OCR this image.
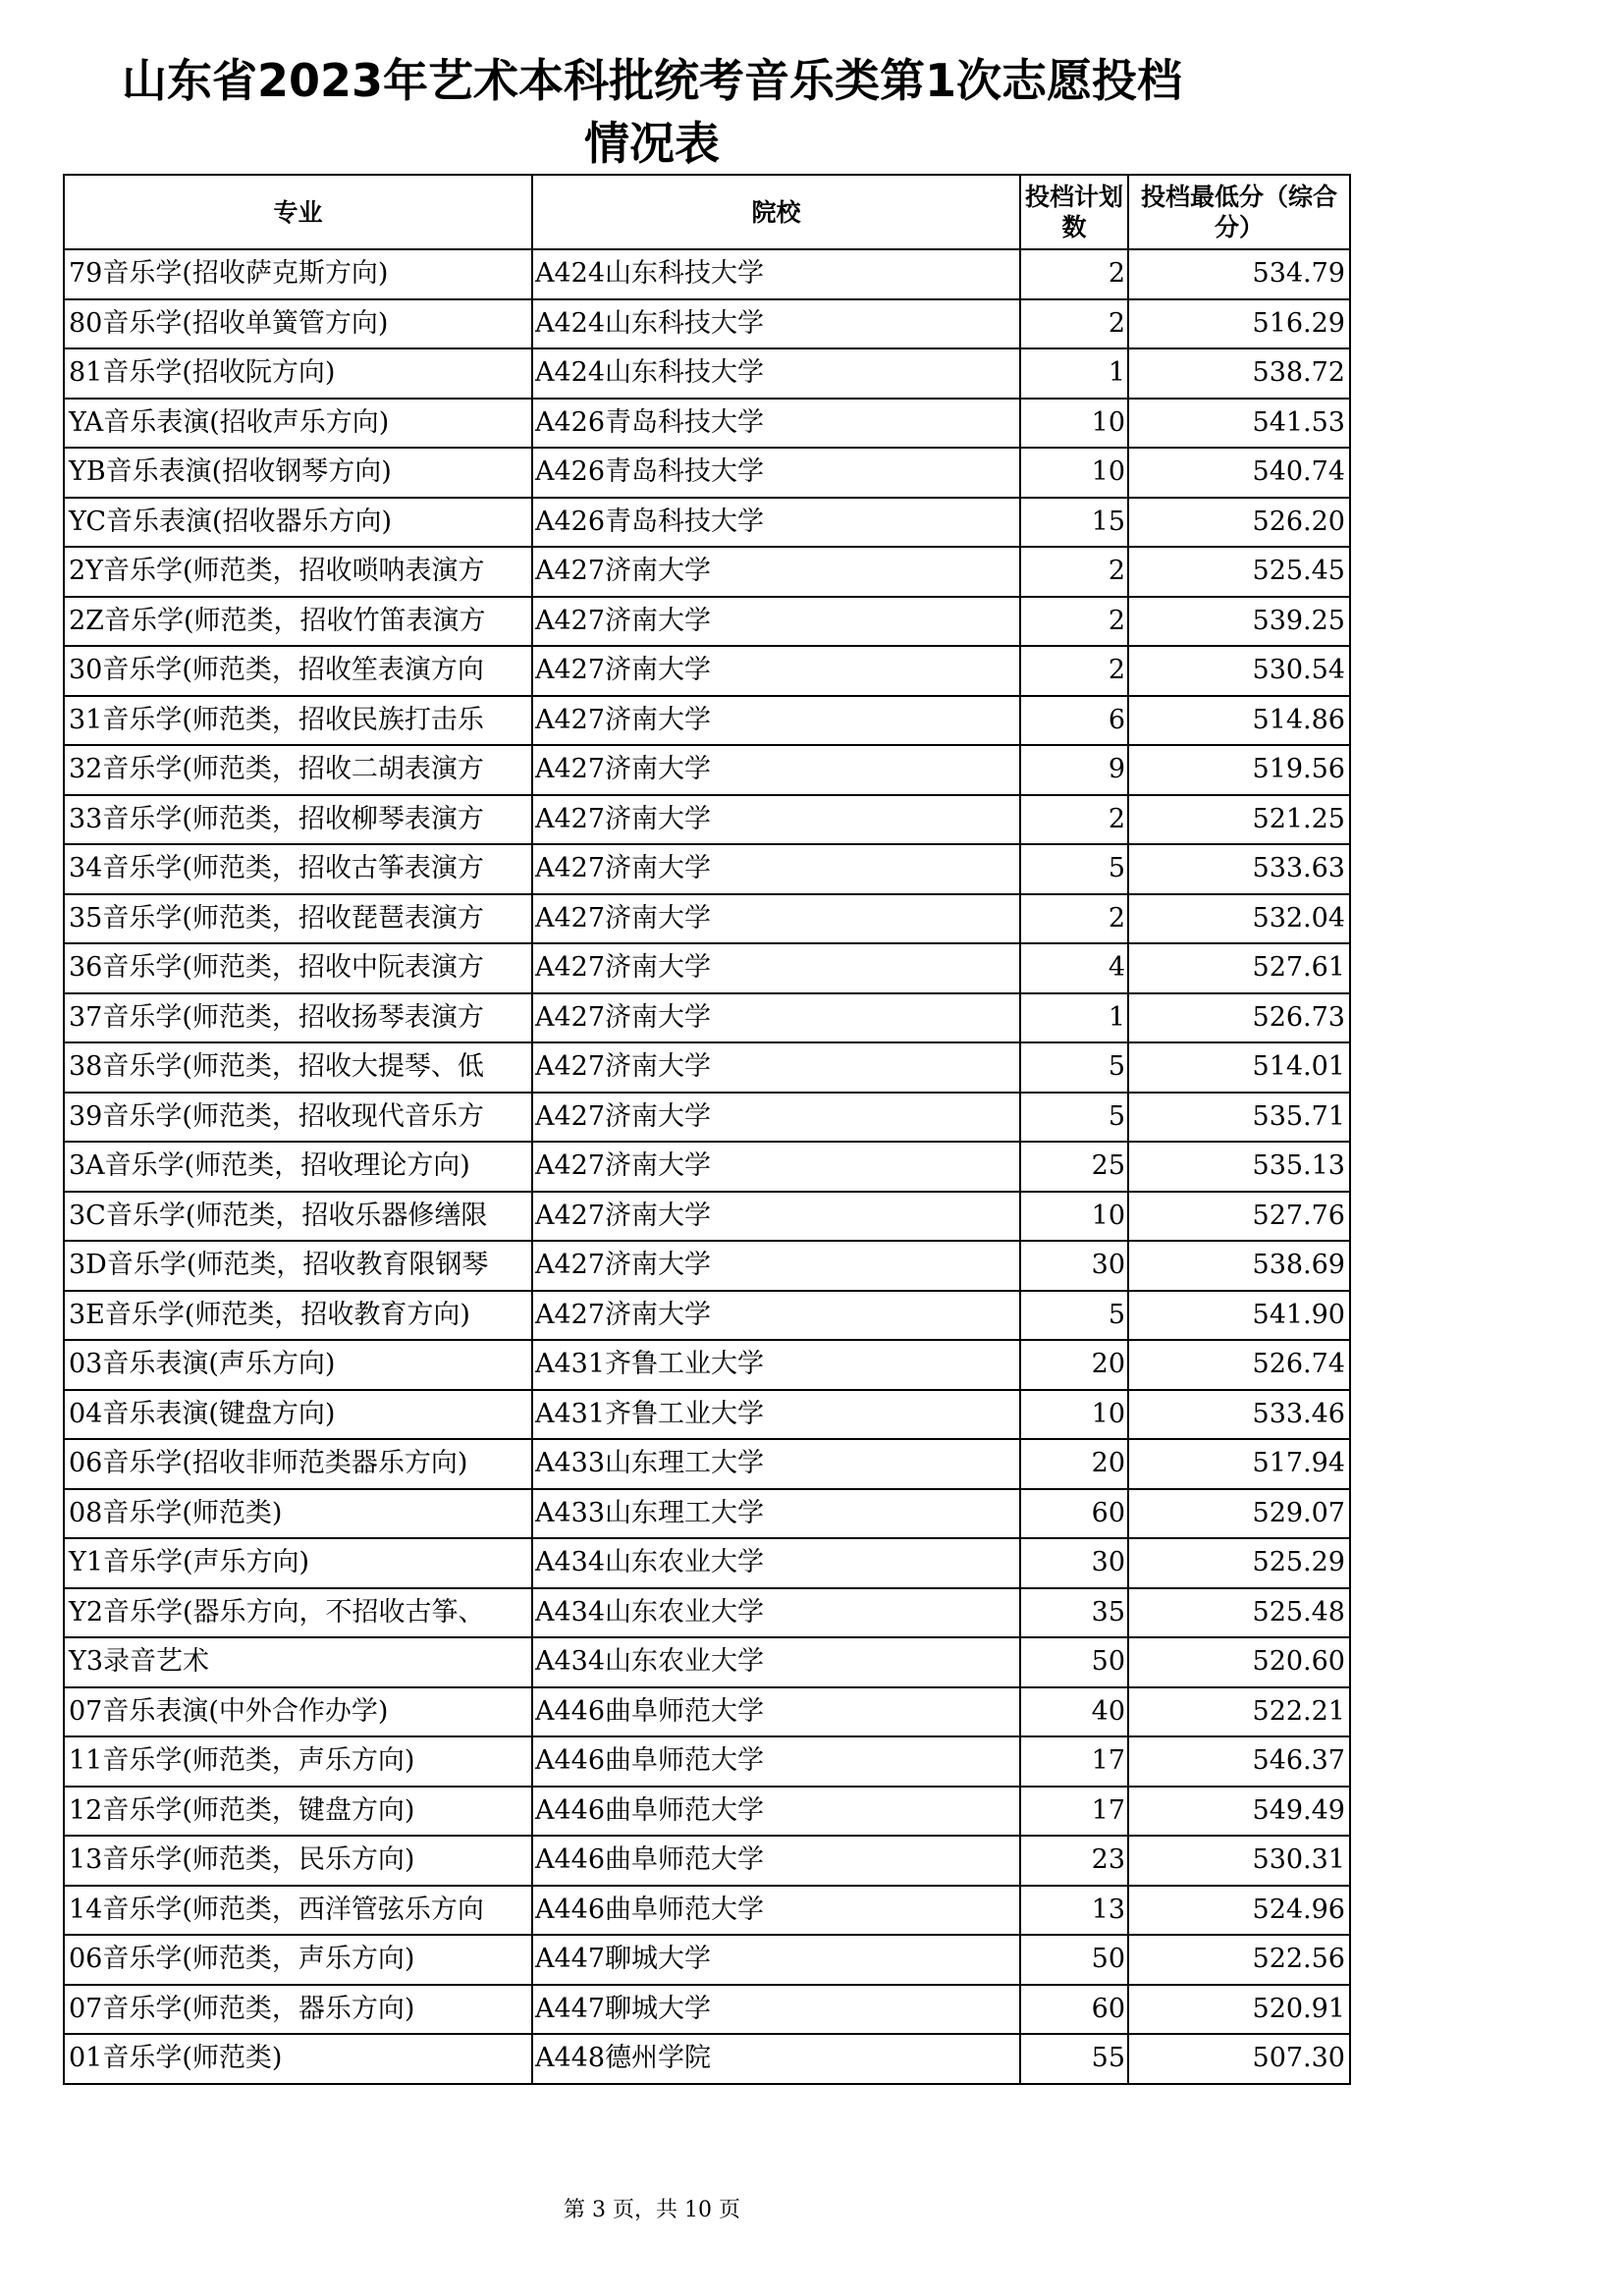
山东省2023年艺术本科批统考音乐类第1次志愿投档
情况表
专业	院校	投档计划数	投档最低分（综合分）
79音乐学(招收萨克斯方向)	A424山东科技大学	2	534.79
80音乐学(招收单簧管方向)	A424山东科技大学	2	516.29
81音乐学(招收阮方向)	A424山东科技大学	1	538.72
YA音乐表演(招收声乐方向)	A426青岛科技大学	10	541.53
YB音乐表演(招收钢琴方向)	A426青岛科技大学	10	540.74
YC音乐表演(招收器乐方向)	A426青岛科技大学	15	526.20
2Y音乐学(师范类，招收唢呐表演方	A427济南大学	2	525.45
2Z音乐学(师范类，招收竹笛表演方	A427济南大学	2	539.25
30音乐学(师范类，招收笙表演方向	A427济南大学	2	530.54
31音乐学(师范类，招收民族打击乐	A427济南大学	6	514.86
32音乐学(师范类，招收二胡表演方	A427济南大学	9	519.56
33音乐学(师范类，招收柳琴表演方	A427济南大学	2	521.25
34音乐学(师范类，招收古筝表演方	A427济南大学	5	533.63
35音乐学(师范类，招收琵琶表演方	A427济南大学	2	532.04
36音乐学(师范类，招收中阮表演方	A427济南大学	4	527.61
37音乐学(师范类，招收扬琴表演方	A427济南大学	1	526.73
38音乐学(师范类，招收大提琴、低	A427济南大学	5	514.01
39音乐学(师范类，招收现代音乐方	A427济南大学	5	535.71
3A音乐学(师范类，招收理论方向)	A427济南大学	25	535.13
3C音乐学(师范类，招收乐器修缮限	A427济南大学	10	527.76
3D音乐学(师范类，招收教育限钢琴	A427济南大学	30	538.69
3E音乐学(师范类，招收教育方向)	A427济南大学	5	541.90
03音乐表演(声乐方向)	A431齐鲁工业大学	20	526.74
04音乐表演(键盘方向)	A431齐鲁工业大学	10	533.46
06音乐学(招收非师范类器乐方向)	A433山东理工大学	20	517.94
08音乐学(师范类)	A433山东理工大学	60	529.07
Y1音乐学(声乐方向)	A434山东农业大学	30	525.29
Y2音乐学(器乐方向，不招收古筝、	A434山东农业大学	35	525.48
Y3录音艺术	A434山东农业大学	50	520.60
07音乐表演(中外合作办学)	A446曲阜师范大学	40	522.21
11音乐学(师范类，声乐方向)	A446曲阜师范大学	17	546.37
12音乐学(师范类，键盘方向)	A446曲阜师范大学	17	549.49
13音乐学(师范类，民乐方向)	A446曲阜师范大学	23	530.31
14音乐学(师范类，西洋管弦乐方向	A446曲阜师范大学	13	524.96
06音乐学(师范类，声乐方向)	A447聊城大学	50	522.56
07音乐学(师范类，器乐方向)	A447聊城大学	60	520.91
01音乐学(师范类)	A448德州学院	55	507.30
第 3 页，共 10 页
